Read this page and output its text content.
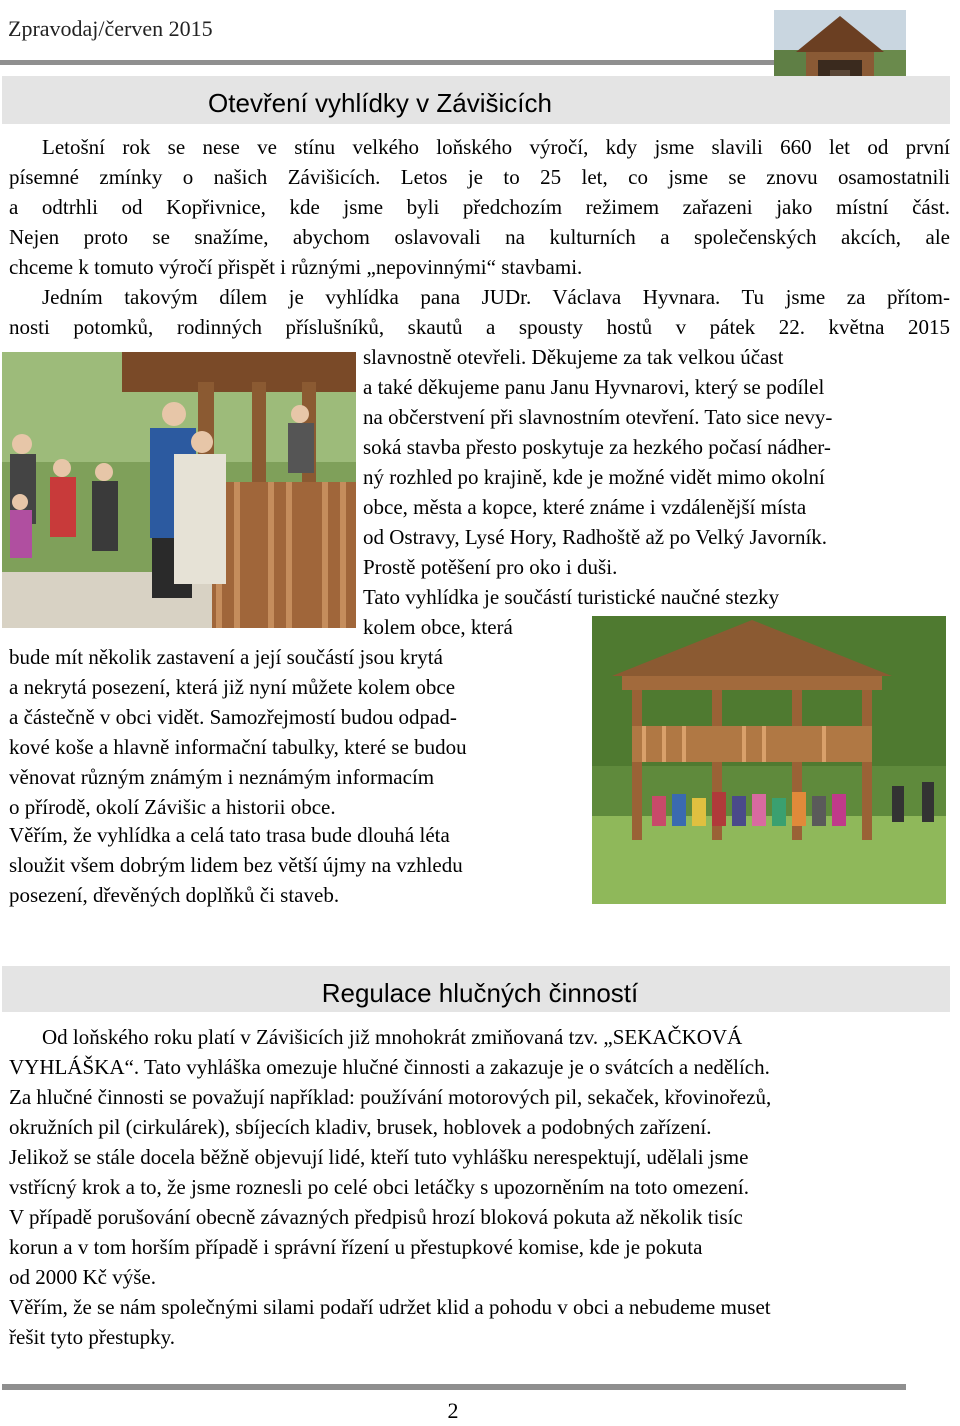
Zpravodaj/červen 2015
Otevření vyhlídky v Závišicích
Letošní rok se nese ve stínu velkého loňského výročí, kdy jsme slavili 660 let od první
písemné zmínky o našich Závišicích. Letos je to 25 let, co jsme se znovu osamostatnili
a odtrhli od Kopřivnice, kde jsme byli předchozím režimem zařazeni jako místní část.
Nejen proto se snažíme, abychom oslavovali na kulturních a společenských akcích, ale
chceme k tomuto výročí přispět i různými „nepovinnými“ stavbami.
Jedním takovým dílem je vyhlídka pana JUDr. Václava Hyvnara. Tu jsme za přítom-
nosti potomků, rodinných příslušníků, skautů a spousty hostů v pátek 22. května 2015
slavnostně otevřeli. Děkujeme za tak velkou účast
a také děkujeme panu Janu Hyvnarovi, který se podílel
na občerstvení při slavnostním otevření. Tato sice nevy-
soká stavba přesto poskytuje za hezkého počasí nádher-
ný rozhled po krajině, kde je možné vidět mimo okolní
obce, města a kopce, které známe i vzdálenější místa
od Ostravy, Lysé Hory, Radhoště až po Velký Javorník.
Prostě potěšení pro oko i duši.
Tato vyhlídka je součástí turistické naučné stezky
kolem obce, která
bude mít několik zastavení a její součástí jsou krytá
a nekrytá posezení, která již nyní můžete kolem obce
a částečně v obci vidět. Samozřejmostí budou odpad-
kové koše a hlavně informační tabulky, které se budou
věnovat různým známým i neznámým informacím
o přírodě, okolí Závišic a historii obce.
Věřím, že vyhlídka a celá tato trasa bude dlouhá léta
sloužit všem dobrým lidem bez větší újmy na vzhledu
posezení, dřevěných doplňků či staveb.
Regulace hlučných činností
Od loňského roku platí v Závišicích již mnohokrát zmiňovaná tzv. „SEKAČKOVÁ
VYHLÁŠKA“. Tato vyhláška omezuje hlučné činnosti a zakazuje je o svátcích a nedělích.
Za hlučné činnosti se považují například: používání motorových pil, sekaček, křovinořezů,
okružních pil (cirkulárek), sbíjecích kladiv, brusek, hoblovek a podobných zařízení.
Jelikož se stále docela běžně objevují lidé, kteří tuto vyhlášku nerespektují, udělali jsme
vstřícný krok a to, že jsme roznesli po celé obci letáčky s upozorněním na toto omezení.
V případě porušování obecně závazných předpisů hrozí bloková pokuta až několik tisíc
korun a v tom horším případě i správní řízení u přestupkové komise, kde je pokuta
od 2000 Kč výše.
Věřím, že se nám společnými silami podaří udržet klid a pohodu v obci a nebudeme muset
řešit tyto přestupky.
2
